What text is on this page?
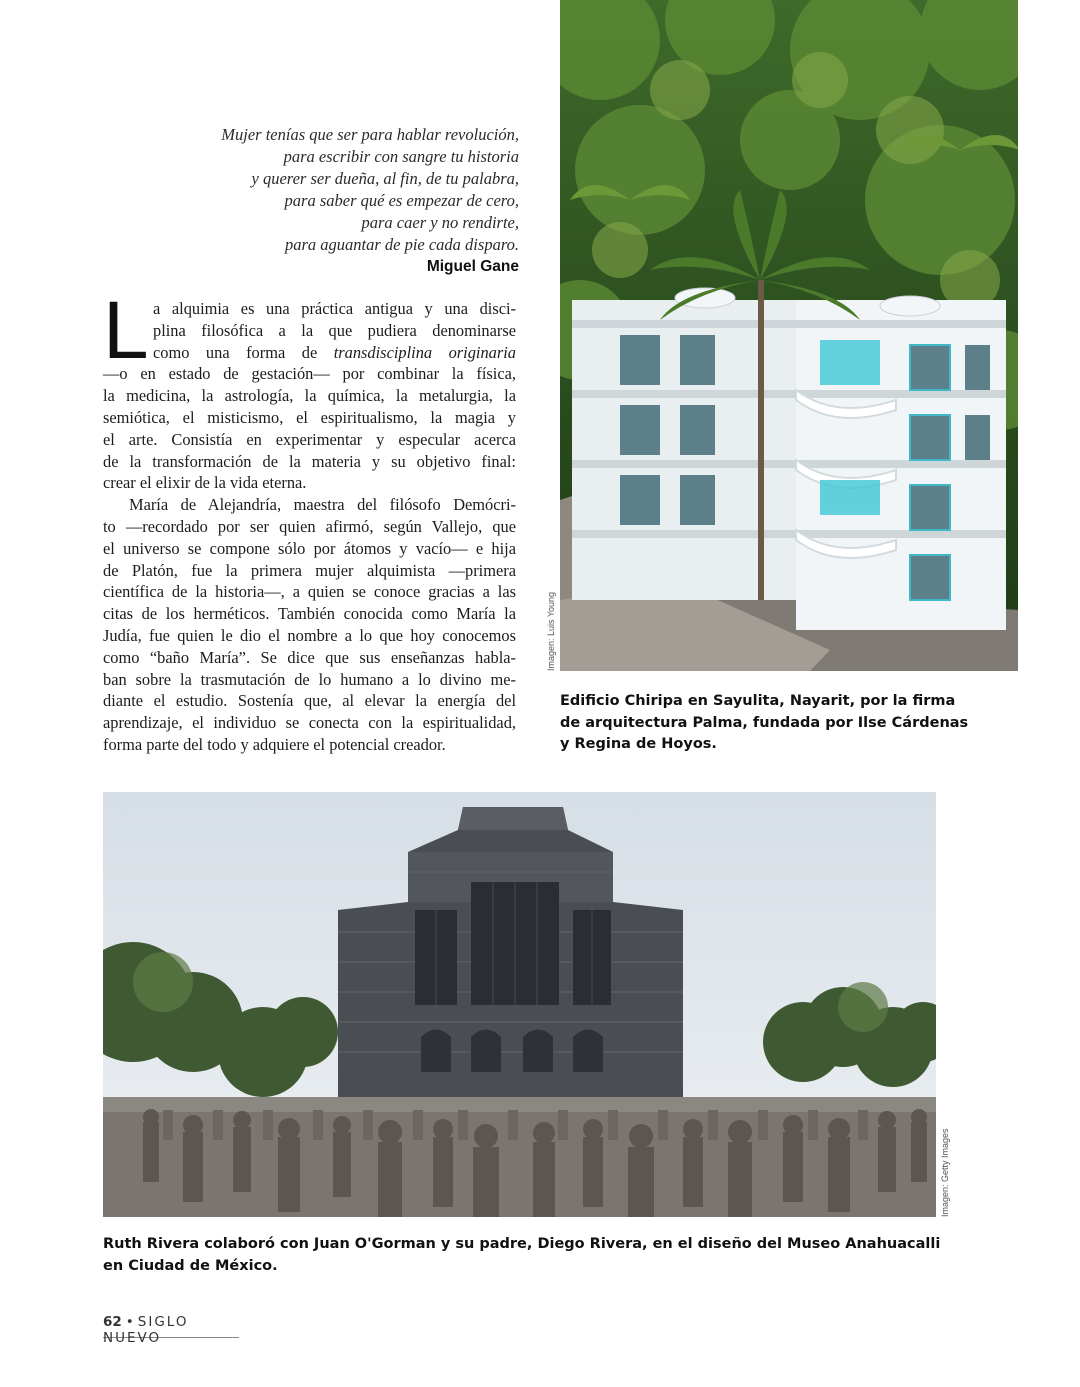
Mujer tenías que ser para hablar revolución,
para escribir con sangre tu historia
y querer ser dueña, al fin, de tu palabra,
para saber qué es empezar de cero,
para caer y no rendirte,
para aguantar de pie cada disparo.
Miguel Gane
L a alquimia es una práctica antigua y una disci-
plina filosófica a la que pudiera denominarse
como una forma de transdisciplina originaria
—o en estado de gestación— por combinar la física,
la medicina, la astrología, la química, la metalurgia, la
semiótica, el misticismo, el espiritualismo, la magia y
el arte. Consistía en experimentar y especular acerca
de la transformación de la materia y su objetivo final:
crear el elixir de la vida eterna.
María de Alejandría, maestra del filósofo Demócri-
to —recordado por ser quien afirmó, según Vallejo, que
el universo se compone sólo por átomos y vacío— e hija
de Platón, fue la primera mujer alquimista —primera
científica de la historia—, a quien se conoce gracias a las
citas de los herméticos. También conocida como María la
Judía, fue quien le dio el nombre a lo que hoy conocemos
como “baño María”. Se dice que sus enseñanzas habla-
ban sobre la trasmutación de lo humano a lo divino me-
diante el estudio. Sostenía que, al elevar la energía del
aprendizaje, el individuo se conecta con la espiritualidad,
forma parte del todo y adquiere el potencial creador.
Imagen: Luis Young
Edificio Chiripa en Sayulita, Nayarit, por la firma de arquitectura Palma, fundada por Ilse Cárdenas y Regina de Hoyos.
Imagen: Getty Images
Ruth Rivera colaboró con Juan O'Gorman y su padre, Diego Rivera, en el diseño del Museo Anahuacalli en Ciudad de México.
62 • SIGLO NUEVO
